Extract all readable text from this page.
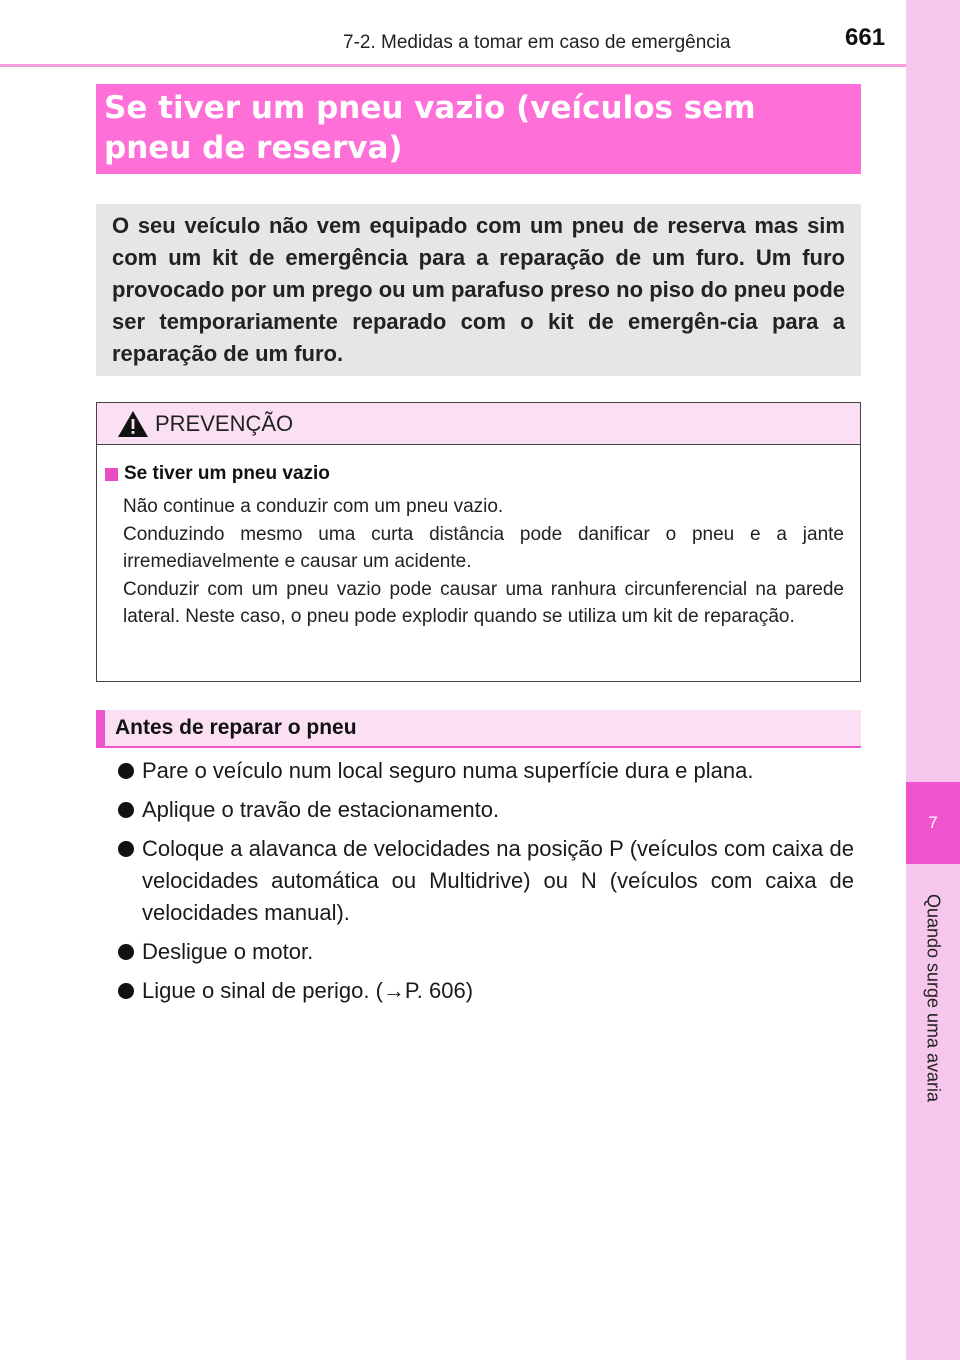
7
Quando surge uma avaria
7-2. Medidas a tomar em caso de emergência	661
Se tiver um pneu vazio (veículos sem pneu de reserva)
O seu veículo não vem equipado com um pneu de reserva mas sim com um kit de emergência para a reparação de um furo. Um furo provocado por um prego ou um parafuso preso no piso do pneu pode ser temporariamente reparado com o kit de emergên-cia para a reparação de um furo.
PREVENÇÃO
Se tiver um pneu vazio

Não continue a conduzir com um pneu vazio.

Conduzindo mesmo uma curta distância pode danificar o pneu e a jante irremediavelmente e causar um acidente.

Conduzir com um pneu vazio pode causar uma ranhura circunferencial na parede lateral. Neste caso, o pneu pode explodir quando se utiliza um kit de reparação.

Antes de reparar o pneu
Pare o veículo num local seguro numa superfície dura e plana.
Aplique o travão de estacionamento.
Coloque a alavanca de velocidades na posição P (veículos com caixa de velocidades automática ou Multidrive) ou N (veículos com caixa de velocidades manual).
Desligue o motor.
Ligue o sinal de perigo. (→P. 606)
